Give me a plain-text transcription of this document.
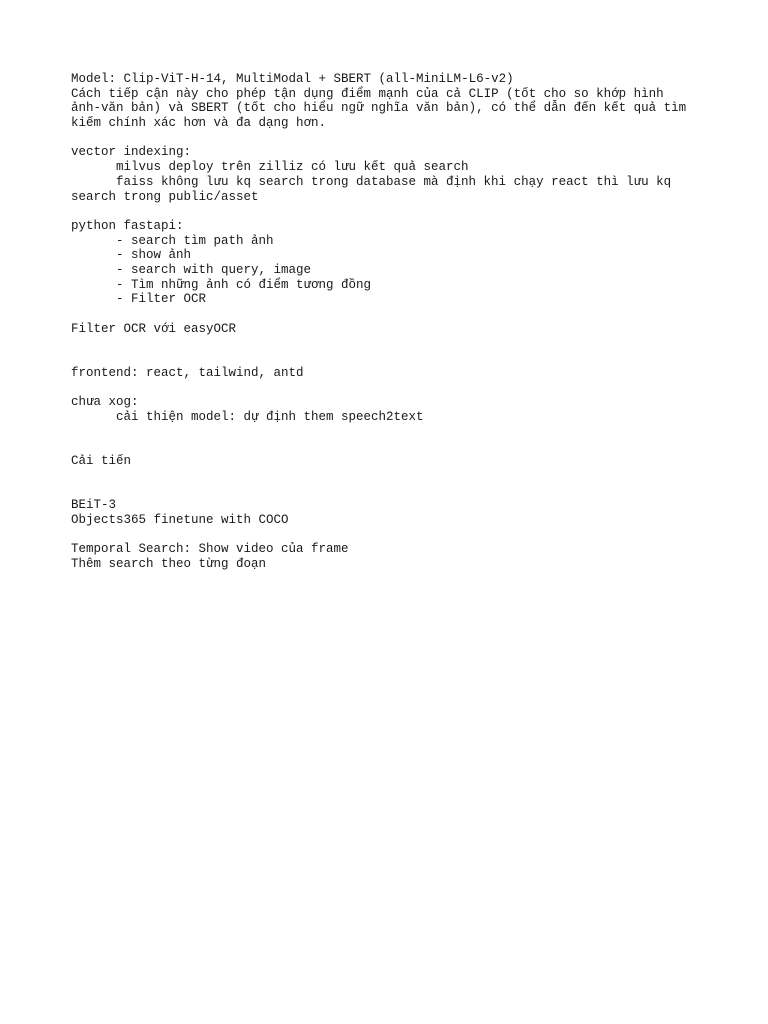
Model: Clip-ViT-H-14, MultiModal + SBERT (all-MiniLM-L6-v2)
Cách tiếp cận này cho phép tận dụng điểm mạnh của cả CLIP (tốt cho so khớp hình
ảnh-văn bản) và SBERT (tốt cho hiểu ngữ nghĩa văn bản), có thể dẫn đến kết quả tìm
kiếm chính xác hơn và đa dạng hơn.
vector indexing:
milvus deploy trên zilliz có lưu kết quả search
faiss không lưu kq search trong database mà định khi chạy react thì lưu kq
search trong public/asset
python fastapi:
- search tìm path ảnh
- show ảnh
- search with query, image
- Tìm những ảnh có điểm tương đồng
- Filter OCR
Filter OCR với easyOCR
frontend: react, tailwind, antd
chưa xog:
cải thiện model: dự định them speech2text
Cải tiến
BEiT-3
Objects365 finetune with COCO
Temporal Search: Show video của frame
Thêm search theo từng đoạn
